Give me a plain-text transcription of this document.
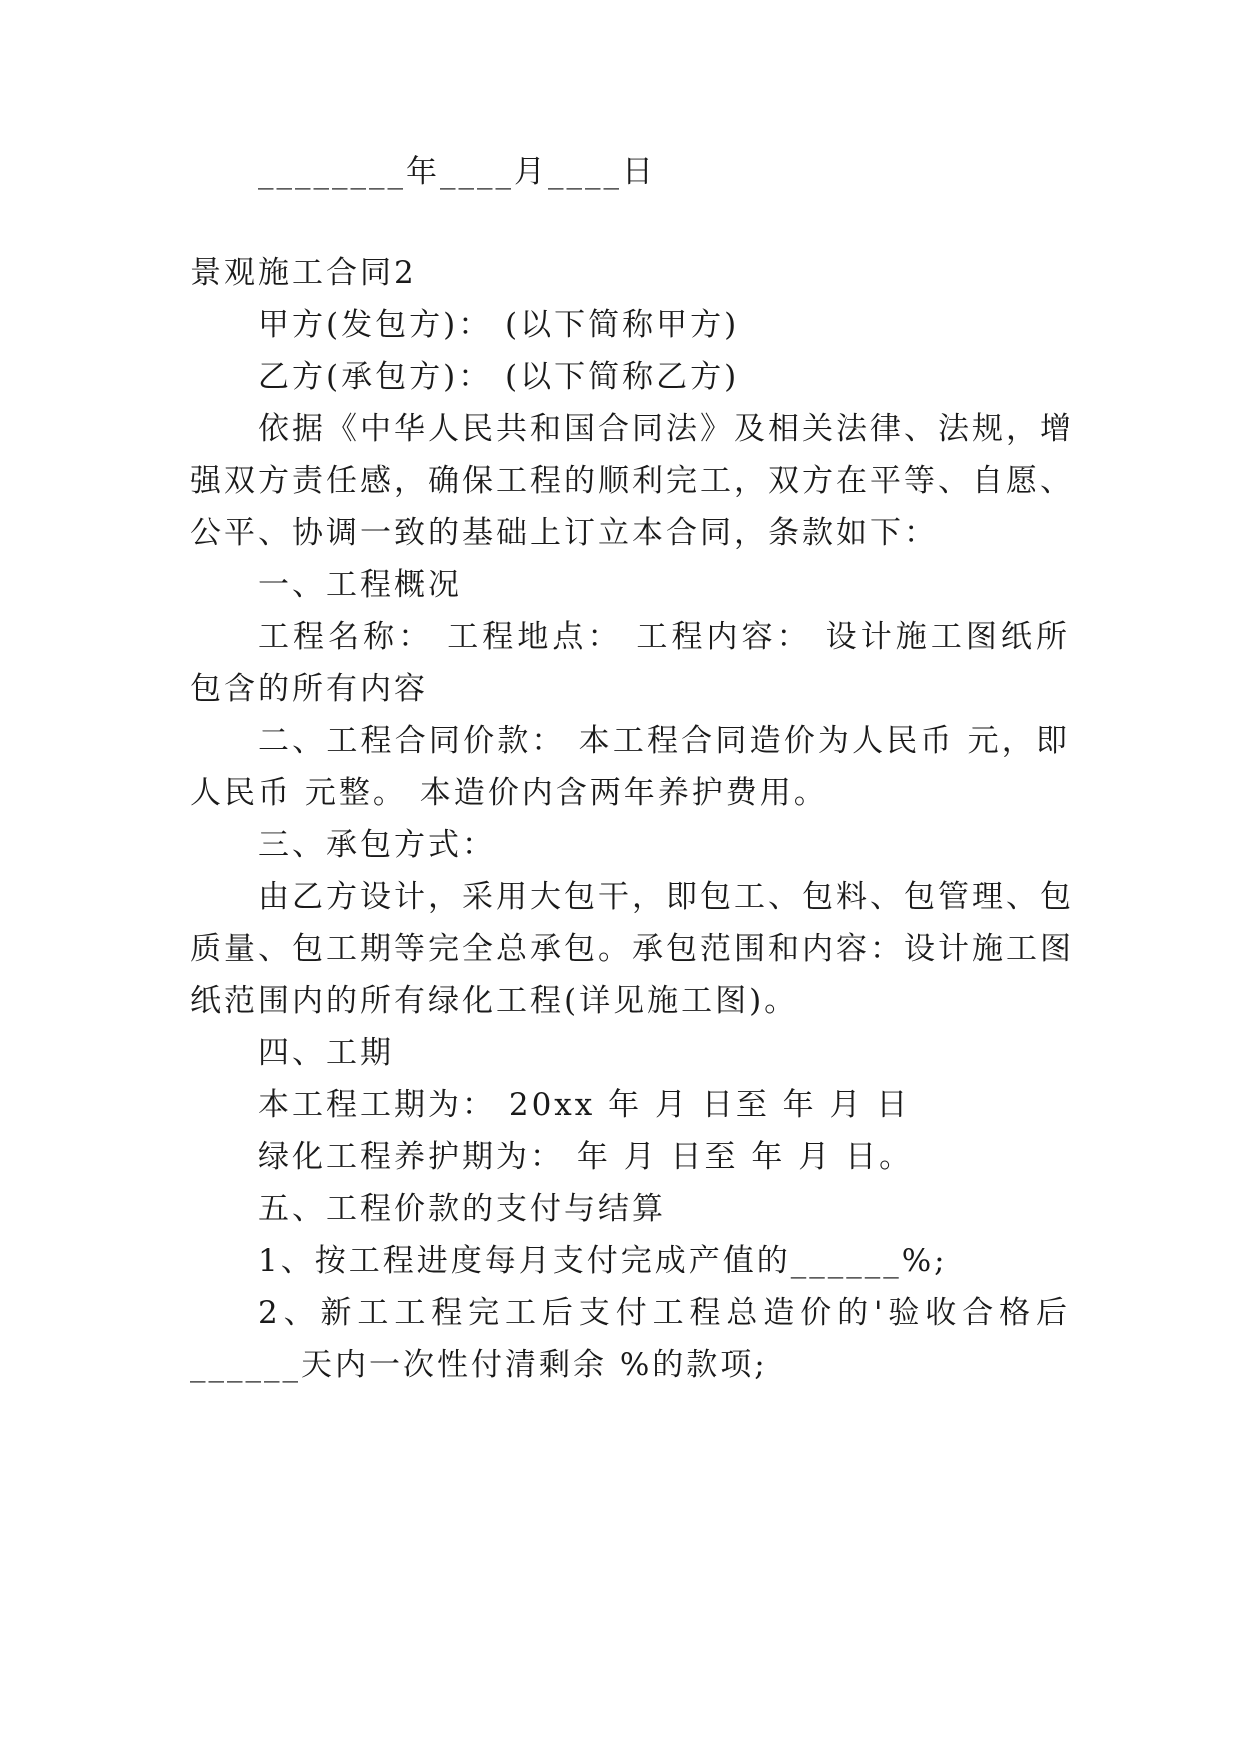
________年____月____日
景观施工合同2
甲方(发包方)： (以下简称甲方)
乙方(承包方)： (以下简称乙方)
依据《中华人民共和国合同法》及相关法律、法规，增
强双方责任感，确保工程的顺利完工，双方在平等、自愿、
公平、协调一致的基础上订立本合同，条款如下：
一、工程概况
工程名称： 工程地点： 工程内容： 设计施工图纸所
包含的所有内容
二、工程合同价款： 本工程合同造价为人民币 元，即
人民币 元整。 本造价内含两年养护费用。
三、承包方式：
由乙方设计，采用大包干，即包工、包料、包管理、包
质量、包工期等完全总承包。承包范围和内容：设计施工图
纸范围内的所有绿化工程(详见施工图)。
四、工期
本工程工期为： 20xx 年 月 日至 年 月 日
绿化工程养护期为： 年 月 日至 年 月 日。
五、工程价款的支付与结算
1、按工程进度每月支付完成产值的______%;
2、新工工程完工后支付工程总造价的'验收合格后
______天内一次性付清剩余 %的款项;
